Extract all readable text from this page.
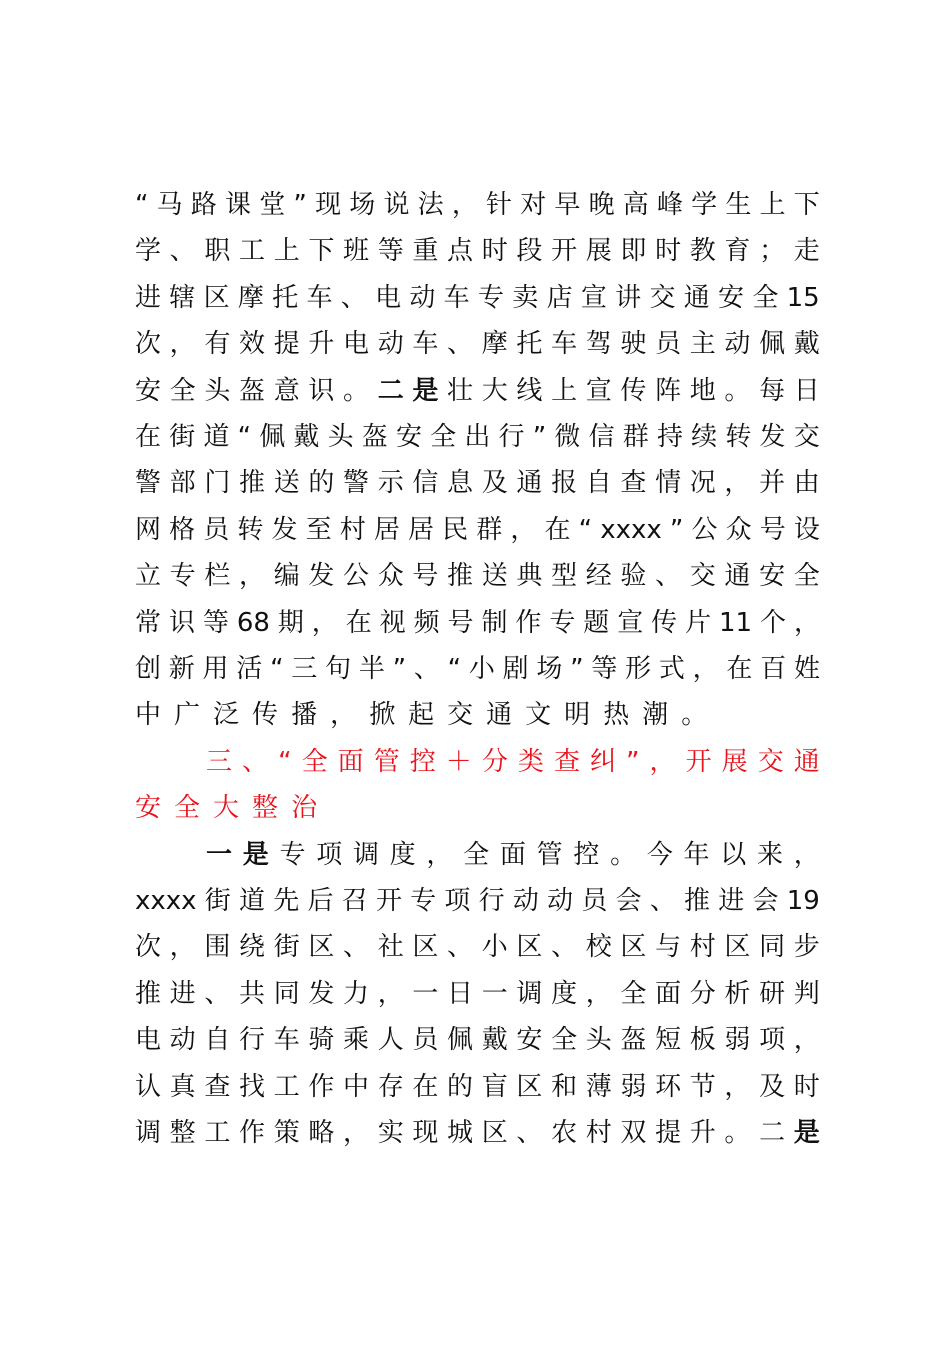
“ 马 路 课 堂 ” 现 场 说 法 ， 针 对 早 晚 高 峰 学 生 上 下
学 、 职 工 上 下 班 等 重 点 时 段 开 展 即 时 教 育 ； 走
进 辖 区 摩 托 车 、 电 动 车 专 卖 店 宣 讲 交 通 安 全 15
次 ， 有 效 提 升 电 动 车 、 摩 托 车 驾 驶 员 主 动 佩 戴
安 全 头 盔 意 识 。 二 是 壮 大 线 上 宣 传 阵 地 。 每 日
在 街 道 “ 佩 戴 头 盔 安 全 出 行 ” 微 信 群 持 续 转 发 交
警 部 门 推 送 的 警 示 信 息 及 通 报 自 查 情 况 ， 并 由
网 格 员 转 发 至 村 居 居 民 群 ， 在 “ xxxx ” 公 众 号 设
立 专 栏 ， 编 发 公 众 号 推 送 典 型 经 验 、 交 通 安 全
常 识 等 68 期 ， 在 视 频 号 制 作 专 题 宣 传 片 11 个 ，
创 新 用 活 “ 三 句 半 ” 、 “ 小 剧 场 ” 等 形 式 ， 在 百 姓
中 广 泛 传 播 ， 掀 起 交 通 文 明 热 潮 。
三 、 “ 全 面 管 控 ＋ 分 类 查 纠 ” ， 开 展 交 通
安 全 大 整 治
一 是 专 项 调 度 ， 全 面 管 控 。 今 年 以 来 ，
xxxx 街 道 先 后 召 开 专 项 行 动 动 员 会 、 推 进 会 19
次 ， 围 绕 街 区 、 社 区 、 小 区 、 校 区 与 村 区 同 步
推 进 、 共 同 发 力 ， 一 日 一 调 度 ， 全 面 分 析 研 判
电 动 自 行 车 骑 乘 人 员 佩 戴 安 全 头 盔 短 板 弱 项 ，
认 真 查 找 工 作 中 存 在 的 盲 区 和 薄 弱 环 节 ， 及 时
调 整 工 作 策 略 ， 实 现 城 区 、 农 村 双 提 升 。 二 是
